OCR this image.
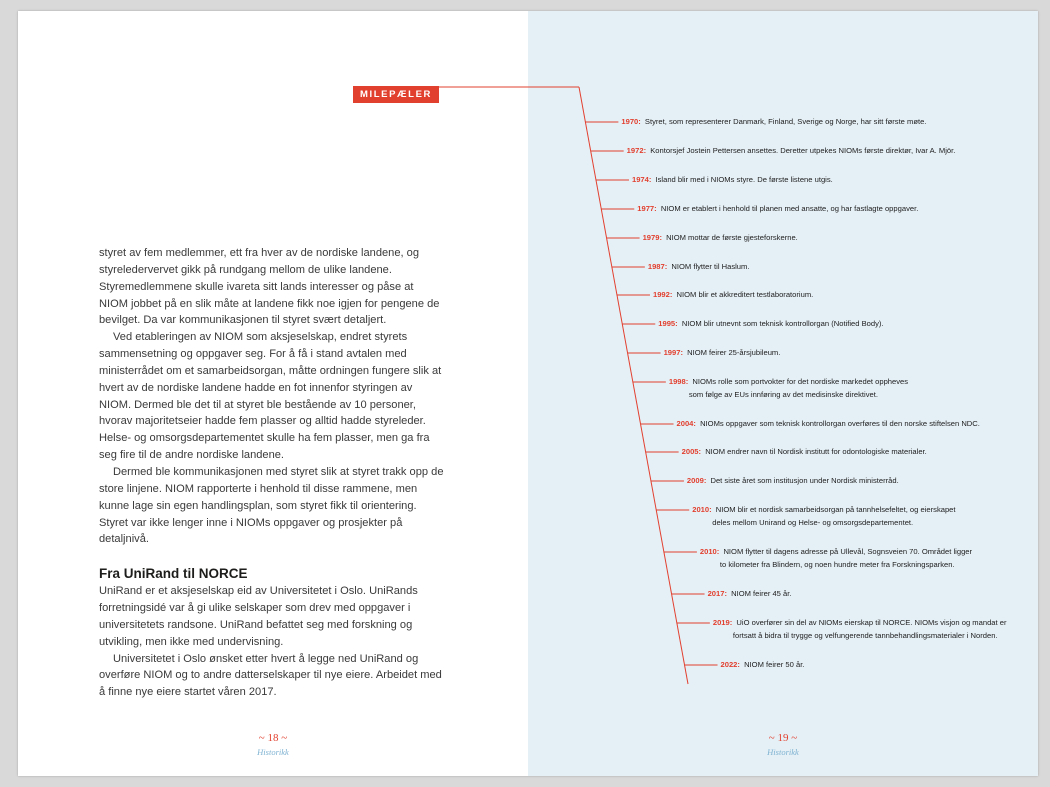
styret av fem medlemmer, ett fra hver av de nordiske landene, og styreledervervet gikk på rundgang mellom de ulike landene. Styremedlemmene skulle ivareta sitt lands interesser og påse at NIOM jobbet på en slik måte at landene fikk noe igjen for pengene de bevilget. Da var kommunikasjonen til styret svært detaljert.

Ved etableringen av NIOM som aksjeselskap, endret styrets sammensetning og oppgaver seg. For å få i stand avtalen med ministerrådet om et samarbeidsorgan, måtte ordningen fungere slik at hvert av de nordiske landene hadde en fot innenfor styringen av NIOM. Dermed ble det til at styret ble bestående av 10 personer, hvorav majoritetseier hadde fem plasser og alltid hadde styreleder. Helse- og omsorgsdepartementet skulle ha fem plasser, men ga fra seg fire til de andre nordiske landene.

Dermed ble kommunikasjonen med styret slik at styret trakk opp de store linjene. NIOM rapporterte i henhold til disse rammene, men kunne lage sin egen handlingsplan, som styret fikk til orientering. Styret var ikke lenger inne i NIOMs oppgaver og prosjekter på detaljnivå.

Fra UniRand til NORCE

UniRand er et aksjeselskap eid av Universitetet i Oslo. UniRands forretningsidé var å gi ulike selskaper som drev med oppgaver i universitetets randsone. UniRand befattet seg med forskning og utvikling, men ikke med undervisning.

Universitetet i Oslo ønsket etter hvert å legge ned UniRand og overføre NIOM og to andre datterselskaper til nye eiere. Arbeidet med å finne nye eiere startet våren 2017.

~ 18 ~
Historikk
MILEPÆLER
~ 19 ~
Historikk
1970: Styret, som representerer Danmark, Finland, Sverige og Norge, har sitt første møte.
1972: Kontorsjef Jostein Pettersen ansettes. Deretter utpekes NIOMs første direktør, Ivar A. Mjör.
1974: Island blir med i NIOMs styre. De første listene utgis.
1977: NIOM er etablert i henhold til planen med ansatte, og har fastlagte oppgaver.
1979: NIOM mottar de første gjesteforskerne.
1987: NIOM flytter til Haslum.
1992: NIOM blir et akkreditert testlaboratorium.
1995: NIOM blir utnevnt som teknisk kontrollorgan (Notified Body).
1997: NIOM feirer 25-årsjubileum.
1998: NIOMs rolle som portvokter for det nordiske markedet oppheves
som følge av EUs innføring av det medisinske direktivet.
2004: NIOMs oppgaver som teknisk kontrollorgan overføres til den norske stiftelsen NDC.
2005: NIOM endrer navn til Nordisk institutt for odontologiske materialer.
2009: Det siste året som institusjon under Nordisk ministerråd.
2010: NIOM blir et nordisk samarbeidsorgan på tannhelsefeltet, og eierskapet
deles mellom Unirand og Helse- og omsorgsdepartementet.
2010: NIOM flytter til dagens adresse på Ullevål, Sognsveien 70. Området ligger
to kilometer fra Blindern, og noen hundre meter fra Forskningsparken.
2017: NIOM feirer 45 år.
2019: UiO overfører sin del av NIOMs eierskap til NORCE. NIOMs visjon og mandat er
fortsatt å bidra til trygge og velfungerende tannbehandlingsmaterialer i Norden.
2022: NIOM feirer 50 år.
